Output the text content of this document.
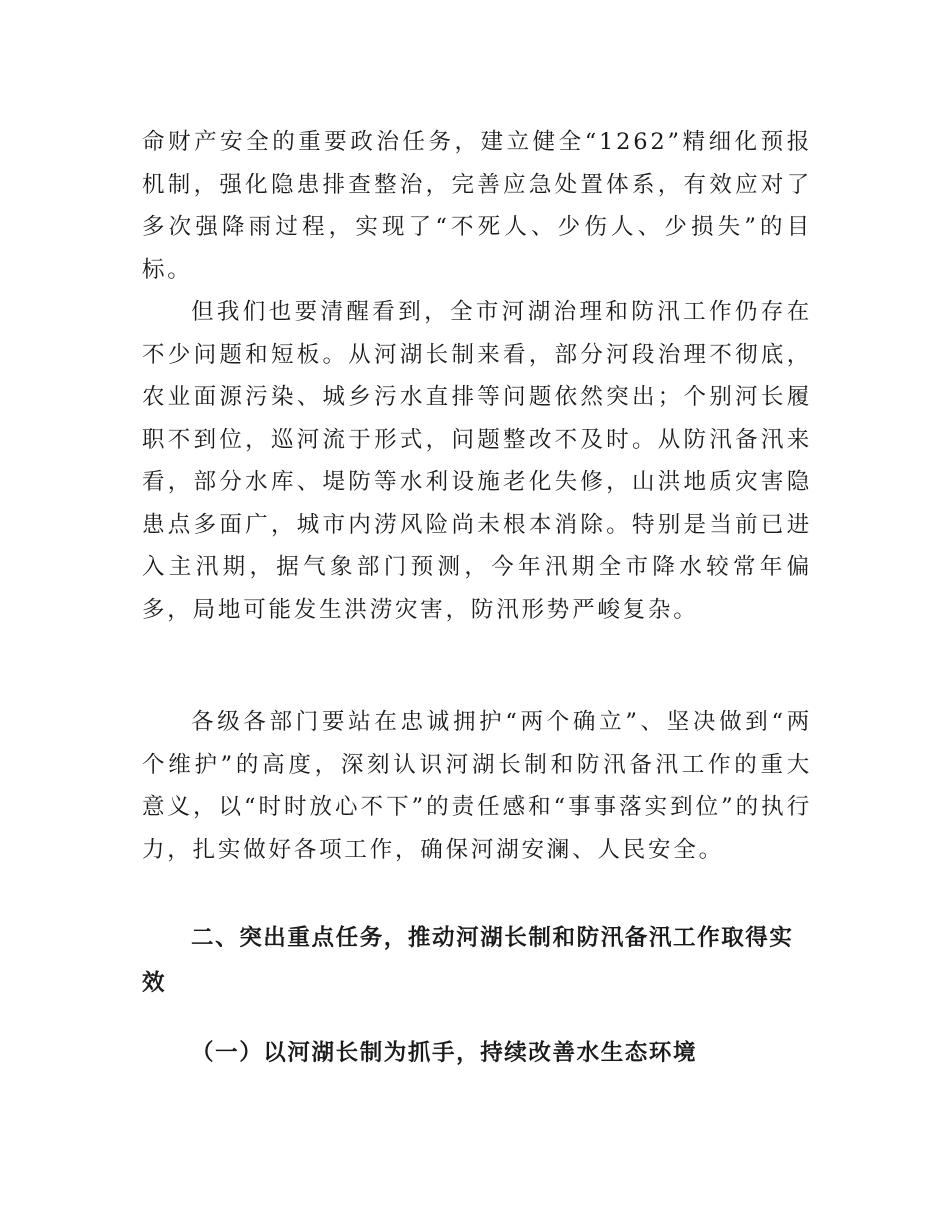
命财产安全的重要政治任务，建立健全“1262”精细化预报机制，强化隐患排查整治，完善应急处置体系，有效应对了多次强降雨过程，实现了“不死人、少伤人、少损失”的目标。

但我们也要清醒看到，全市河湖治理和防汛工作仍存在不少问题和短板。从河湖长制来看，部分河段治理不彻底，农业面源污染、城乡污水直排等问题依然突出；个别河长履职不到位，巡河流于形式，问题整改不及时。从防汛备汛来看，部分水库、堤防等水利设施老化失修，山洪地质灾害隐患点多面广，城市内涝风险尚未根本消除。特别是当前已进入主汛期，据气象部门预测，今年汛期全市降水较常年偏多，局地可能发生洪涝灾害，防汛形势严峻复杂。

各级各部门要站在忠诚拥护“两个确立”、坚决做到“两个维护”的高度，深刻认识河湖长制和防汛备汛工作的重大意义，以“时时放心不下”的责任感和“事事落实到位”的执行力，扎实做好各项工作，确保河湖安澜、人民安全。

二、突出重点任务，推动河湖长制和防汛备汛工作取得实效
（一）以河湖长制为抓手，持续改善水生态环境
